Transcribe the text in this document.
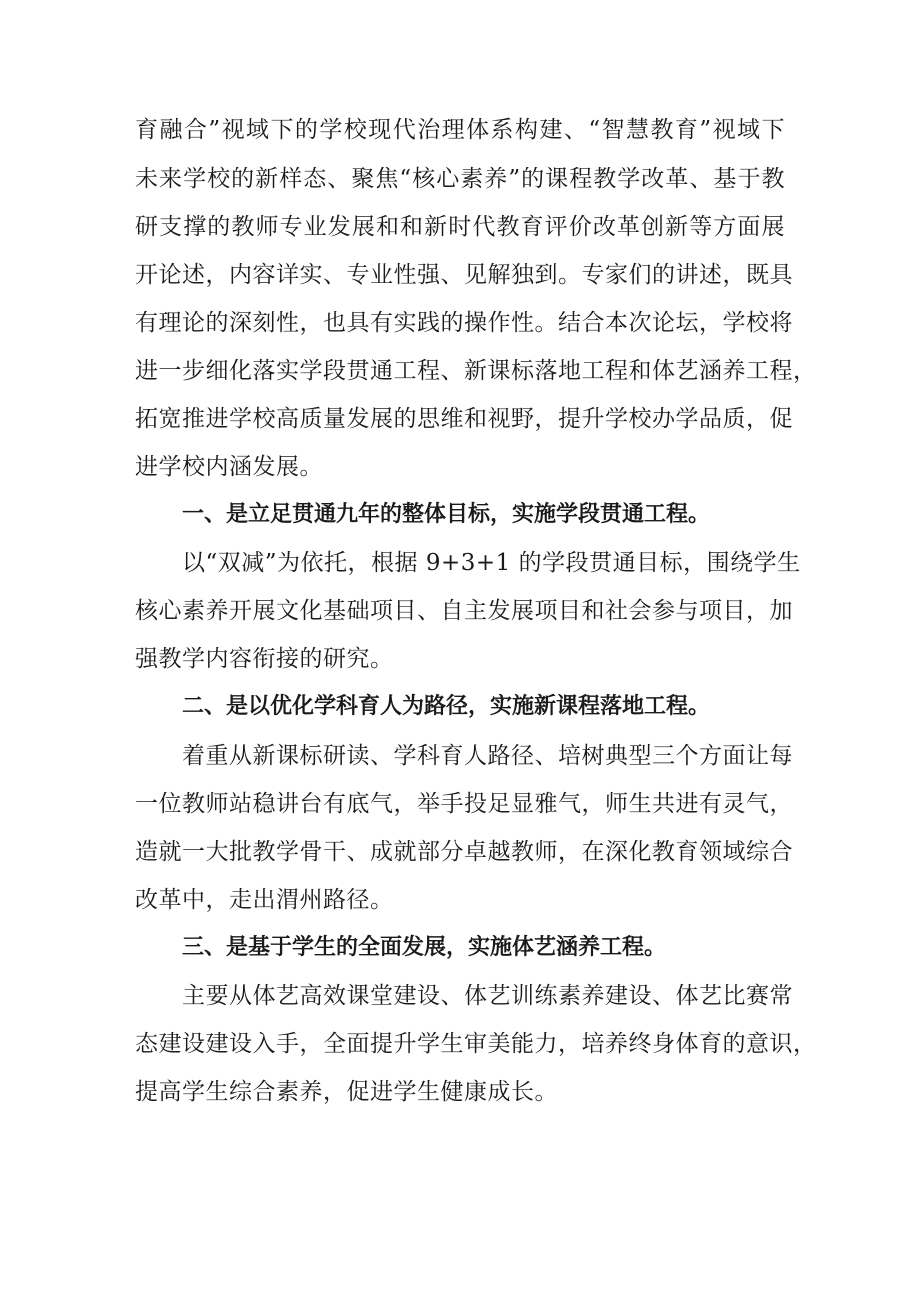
育融合”视域下的学校现代治理体系构建、“智慧教育”视域下
未来学校的新样态、聚焦“核心素养”的课程教学改革、基于教
研支撑的教师专业发展和和新时代教育评价改革创新等方面展
开论述，内容详实、专业性强、见解独到。专家们的讲述，既具
有理论的深刻性，也具有实践的操作性。结合本次论坛，学校将
进一步细化落实学段贯通工程、新课标落地工程和体艺涵养工程，
拓宽推进学校高质量发展的思维和视野，提升学校办学品质，促
进学校内涵发展。
一、是立足贯通九年的整体目标，实施学段贯通工程。
以“双减”为依托，根据 9+3+1 的学段贯通目标，围绕学生
核心素养开展文化基础项目、自主发展项目和社会参与项目，加
强教学内容衔接的研究。
二、是以优化学科育人为路径，实施新课程落地工程。
着重从新课标研读、学科育人路径、培树典型三个方面让每
一位教师站稳讲台有底气，举手投足显雅气，师生共进有灵气，
造就一大批教学骨干、成就部分卓越教师，在深化教育领域综合
改革中，走出渭州路径。
三、是基于学生的全面发展，实施体艺涵养工程。
主要从体艺高效课堂建设、体艺训练素养建设、体艺比赛常
态建设建设入手，全面提升学生审美能力，培养终身体育的意识，
提高学生综合素养，促进学生健康成长。
